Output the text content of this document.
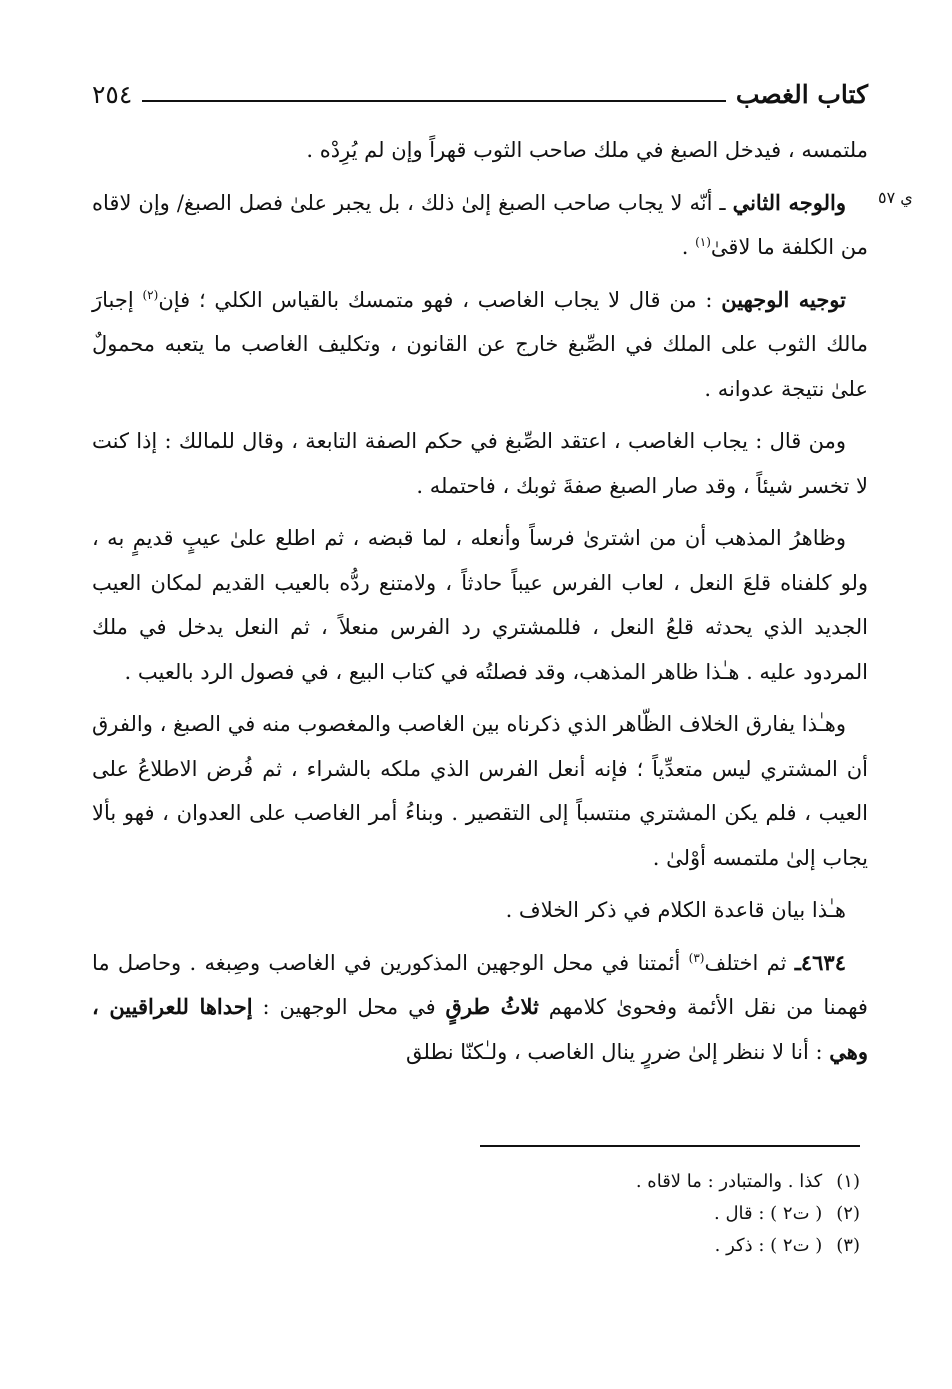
كتاب الغصب
٢٥٤
ي ٥٧

ملتمسه ، فيدخل الصبغ في ملك صاحب الثوب قهراً وإن لم يُرِدْه .

والوجه الثاني ـ أنّه لا يجاب صاحب الصبغ إلىٰ ذلك ، بل يجبر علىٰ فصل الصبغ/ وإن لاقاه من الكلفة ما لاقىٰ$^{(١)}$ .

توجيه الوجهين : من قال لا يجاب الغاصب ، فهو متمسك بالقياس الكلي ؛ فإن$^{(٢)}$ إجبارَ مالك الثوب على الملك في الصِّبغ خارج عن القانون ، وتكليف الغاصب ما يتعبه محمولٌ علىٰ نتيجة عدوانه .

ومن قال : يجاب الغاصب ، اعتقد الصِّبغ في حكم الصفة التابعة ، وقال للمالك : إذا كنت لا تخسر شيئاً ، وقد صار الصبغ صفةَ ثوبك ، فاحتمله .

وظاهرُ المذهب أن من اشترىٰ فرساً وأنعله ، لما قبضه ، ثم اطلع علىٰ عيبٍ قديمٍ به ، ولو كلفناه قلعَ النعل ، لعاب الفرس عيباً حادثاً ، ولامتنع ردُّه بالعيب القديم لمكان العيب الجديد الذي يحدثه قلعُ النعل ، فللمشتري رد الفرس منعلاً ، ثم النعل يدخل في ملك المردود عليه . هـٰذا ظاهر المذهب، وقد فصلتُه في كتاب البيع ، في فصول الرد بالعيب .

وهـٰذا يفارق الخلاف الظّاهر الذي ذكرناه بين الغاصب والمغصوب منه في الصبغ ، والفرق أن المشتري ليس متعدِّياً ؛ فإنه أنعل الفرس الذي ملكه بالشراء ، ثم فُرض الاطلاعُ على العيب ، فلم يكن المشتري منتسباً إلى التقصير . وبناءُ أمر الغاصب على العدوان ، فهو بألا يجاب إلىٰ ملتمسه أوْلىٰ .

هـٰذا بيان قاعدة الكلام في ذكر الخلاف .

٤٦٣٤ـ ثم اختلف$^{(٣)}$ أئمتنا في محل الوجهين المذكورين في الغاصب وصِبغه . وحاصل ما فهمنا من نقل الأئمة وفحوىٰ كلامهم ثلاثُ طرقٍ في محل الوجهين : إحداها للعراقيين ، وهي : أنا لا ننظر إلىٰ ضررٍ ينال الغاصب ، ولـٰكنّا نطلق

(١)
كذا . والمتبادر : ما لاقاه .
(٢)
( ت٢ ) : قال .
(٣)
( ت٢ ) : ذكر .
